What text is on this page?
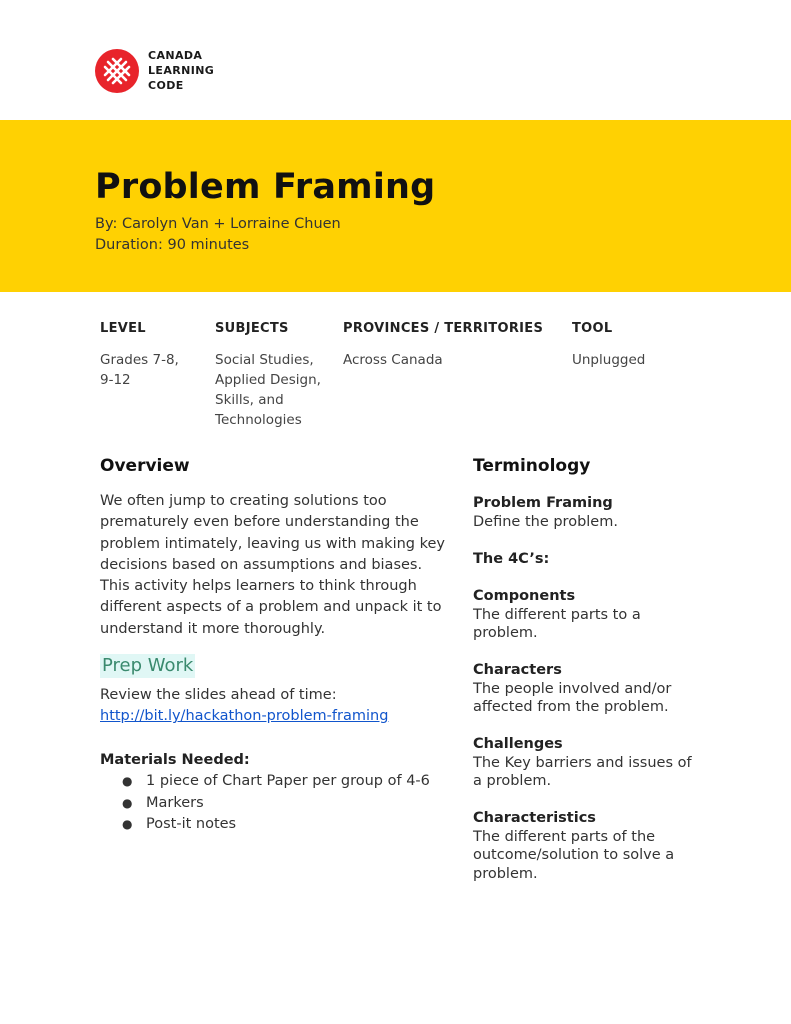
CANADA
LEARNING
CODE
Problem Framing
By: Carolyn Van + Lorraine Chuen
Duration: 90 minutes
LEVEL
Grades 7-8,
9-12
SUBJECTS
Social Studies,
Applied Design,
Skills, and
Technologies
PROVINCES / TERRITORIES
Across Canada
TOOL
Unplugged
Overview
We often jump to creating solutions too
prematurely even before understanding the
problem intimately, leaving us with making key
decisions based on assumptions and biases.
This activity helps learners to think through
different aspects of a problem and unpack it to
understand it more thoroughly.
Prep Work
Review the slides ahead of time:
http://bit.ly/hackathon-problem-framing
Materials Needed:
● 1 piece of Chart Paper per group of 4-6
● Markers
● Post-it notes
Terminology
Problem Framing
Define the problem.
The 4C’s:
Components
The different parts to a
problem.
Characters
The people involved and/or
affected from the problem.
Challenges
The Key barriers and issues of
a problem.
Characteristics
The different parts of the
outcome/solution to solve a
problem.
